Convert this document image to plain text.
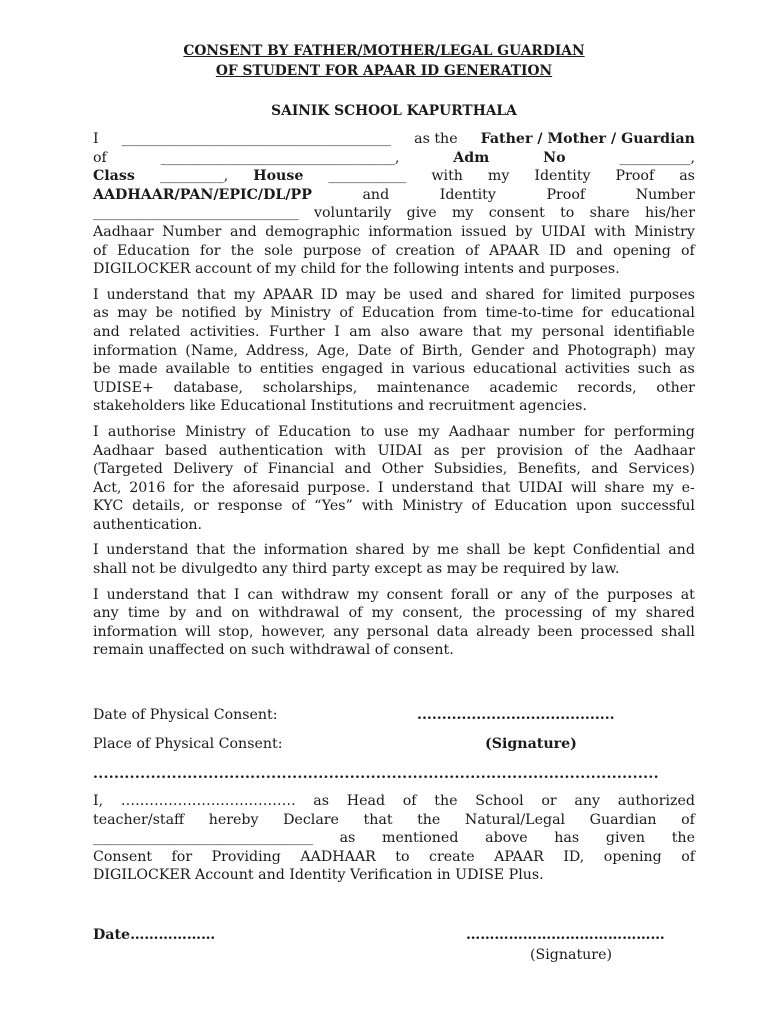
CONSENT BY FATHER/MOTHER/LEGAL GUARDIAN
OF STUDENT FOR APAAR ID GENERATION
SAINIK SCHOOL KAPURTHALA
I ______________________________________ as the Father / Mother / Guardian
of	_________________________________,	Adm	No	__________,
Class _________, House ___________ with my Identity Proof as
AADHAAR/PAN/EPIC/DL/PP	and	Identity	Proof	Number
_____________________________ voluntarily give my consent to share his/her
Aadhaar Number and demographic information issued by UIDAI with Ministry
of Education for the sole purpose of creation of APAAR ID and opening of
DIGILOCKER account of my child for the following intents and purposes.
I understand that my APAAR ID may be used and shared for limited purposes
as may be notified by Ministry of Education from time-to-time for educational
and related activities. Further I am also aware that my personal identifiable
information (Name, Address, Age, Date of Birth, Gender and Photograph) may
be made available to entities engaged in various educational activities such as
UDISE+ database, scholarships, maintenance academic records, other
stakeholders like Educational Institutions and recruitment agencies.
I authorise Ministry of Education to use my Aadhaar number for performing
Aadhaar based authentication with UIDAI as per provision of the Aadhaar
(Targeted Delivery of Financial and Other Subsidies, Benefits, and Services)
Act, 2016 for the aforesaid purpose. I understand that UIDAI will share my e-
KYC details, or response of “Yes” with Ministry of Education upon successful
authentication.
I understand that the information shared by me shall be kept Confidential and
shall not be divulgedto any third party except as may be required by law.
I understand that I can withdraw my consent forall or any of the purposes at
any time by and on withdrawal of my consent, the processing of my shared
information will stop, however, any personal data already been processed shall
remain unaffected on such withdrawal of consent.
Date of Physical Consent:	........................................
Place of Physical Consent:	(Signature)
............................................................................................................
I, ………………………………. as Head of the School or any authorized
teacher/staff hereby Declare that the Natural/Legal Guardian of
_______________________________ as mentioned above has given the
Consent for Providing AADHAAR to create APAAR ID, opening of
DIGILOCKER Account and Identity Verification in UDISE Plus.
Date………………	……………………………………
(Signature)
